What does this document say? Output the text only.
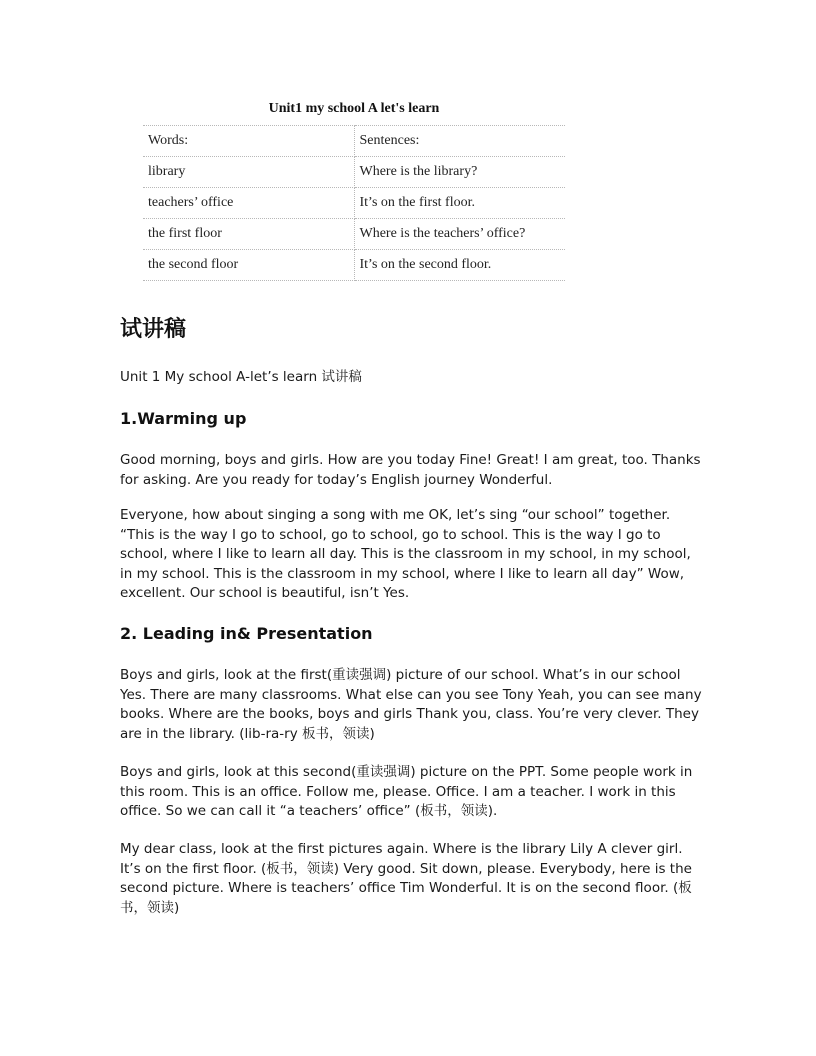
Unit1 my school A let's learn
Words:	Sentences:
library	Where is the library?
teachers’ office	It’s on the first floor.
the first floor	Where is the teachers’ office?
the second floor	It’s on the second floor.
试讲稿

Unit 1 My school A-let’s learn 试讲稿

1.Warming up

Good morning, boys and girls. How are you today Fine! Great! I am great, too. Thanks for asking. Are you ready for today’s English journey Wonderful.

Everyone, how about singing a song with me OK, let’s sing “our school” together. “This is the way I go to school, go to school, go to school. This is the way I go to school, where I like to learn all day. This is the classroom in my school, in my school, in my school. This is the classroom in my school, where I like to learn all day” Wow, excellent. Our school is beautiful, isn’t Yes.

2. Leading in& Presentation

Boys and girls, look at the first(重读强调) picture of our school. What’s in our school Yes. There are many classrooms. What else can you see Tony Yeah, you can see many books. Where are the books, boys and girls Thank you, class. You’re very clever. They are in the library. (lib-ra-ry 板书，领读)

Boys and girls, look at this second(重读强调) picture on the PPT. Some people work in this room. This is an office. Follow me, please. Office. I am a teacher. I work in this office. So we can call it “a teachers’ office” (板书，领读).

My dear class, look at the first pictures again. Where is the library Lily A clever girl. It’s on the first floor. (板书，领读) Very good. Sit down, please. Everybody, here is the second picture. Where is teachers’ office Tim Wonderful. It is on the second floor. (板书，领读)
